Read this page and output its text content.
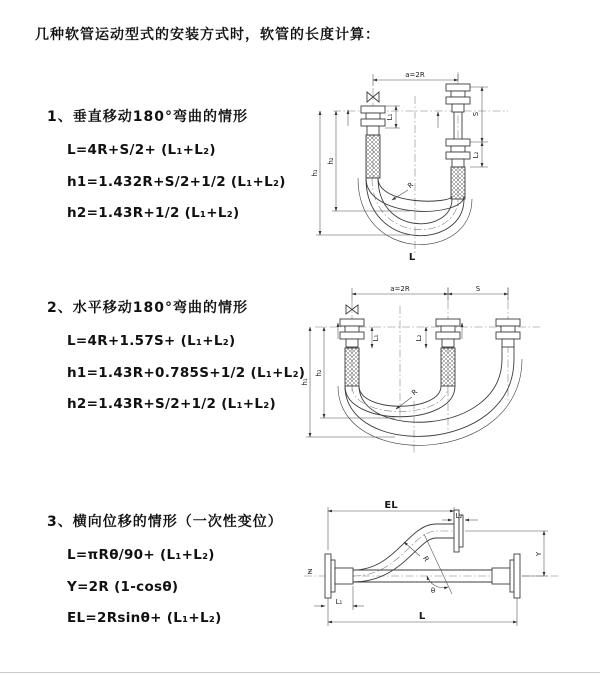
几种软管运动型式的安装方式时，软管的长度计算：
1、垂直移动180°弯曲的情形
L=4R+S/2+ (L₁+L₂)
h1=1.432R+S/2+1/2 (L₁+L₂)
h2=1.43R+1/2 (L₁+L₂)
2、水平移动180°弯曲的情形
L=4R+1.57S+ (L₁+L₂)
h1=1.43R+0.785S+1/2 (L₁+L₂)
h2=1.43R+S/2+1/2 (L₁+L₂)
3、横向位移的情形（一次性变位）
L=πRθ/90+ (L₁+L₂)
Y=2R (1-cosθ)
EL=2Rsinθ+ (L₁+L₂)
a=2R
h₁
h₂
L₁	S
L₂
R
L
a=2R	S
h₁
h₂
L₁	L₂
R
EL
L₂
Y
θ
R
L
L₁
Ƶ
